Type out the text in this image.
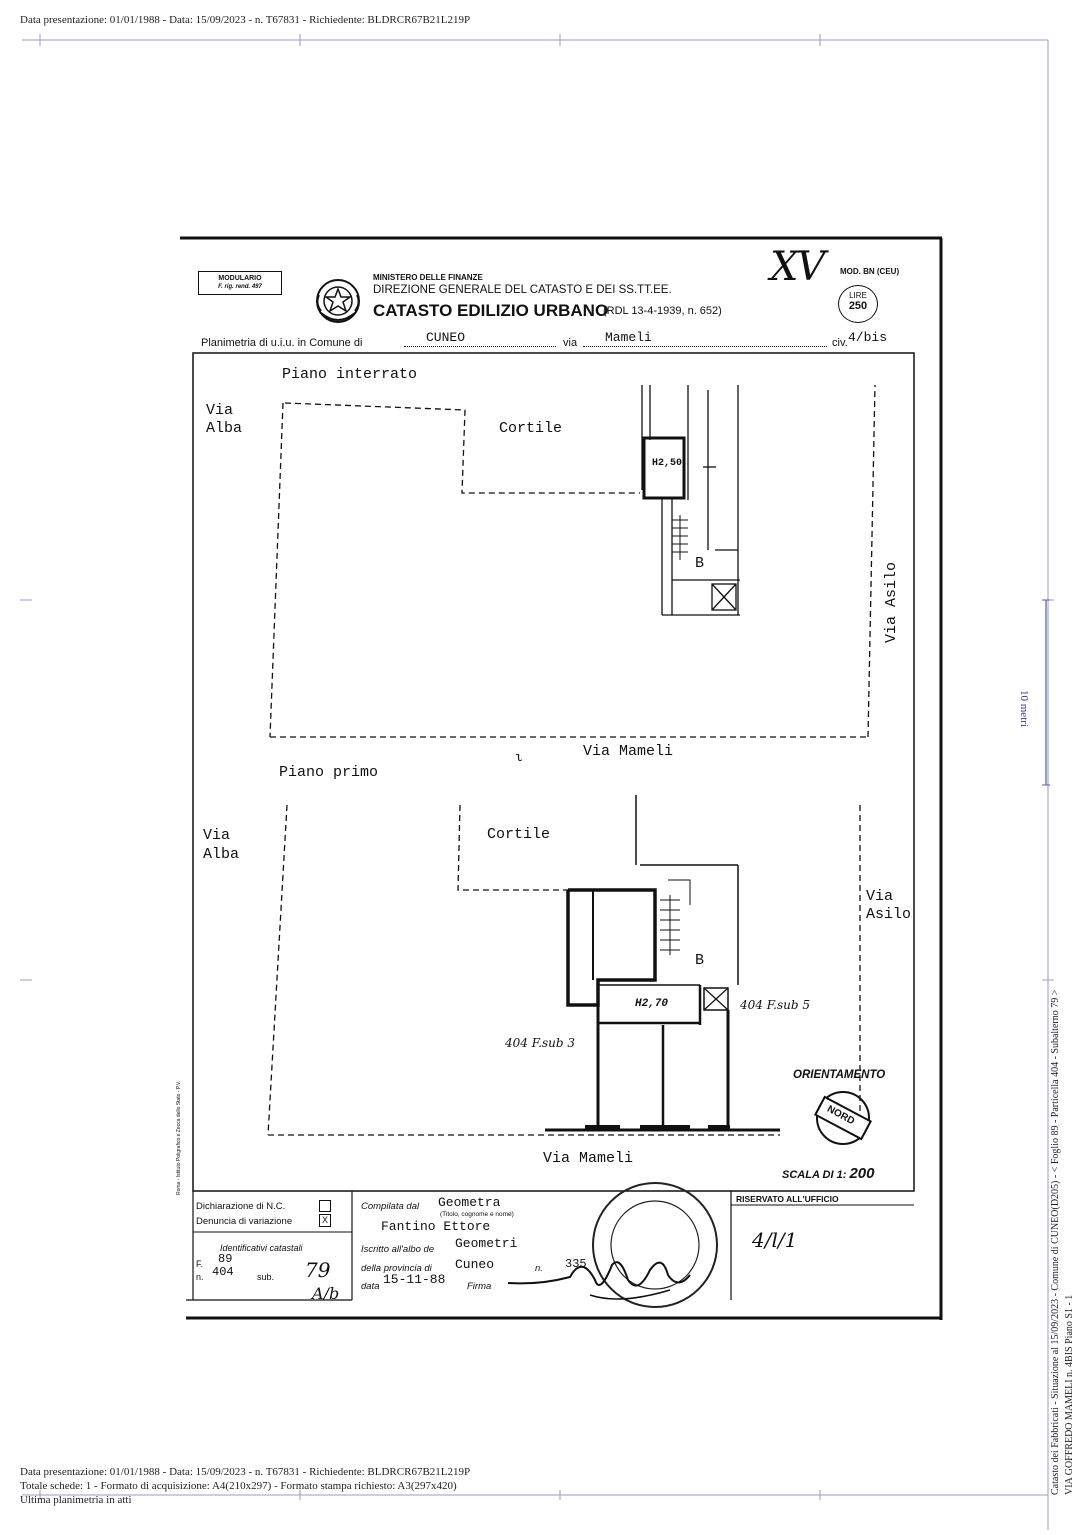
Data presentazione: 01/01/1988 - Data: 15/09/2023 - n. T67831 - Richiedente: BLDRCR67B21L219P
10 metri
MODULARIO
F. rig. rend. 497
MINISTERO DELLE FINANZE
DIREZIONE GENERALE DEL CATASTO E DEI SS.TT.EE.
CATASTO EDILIZIO URBANO
(RDL 13-4-1939, n. 652)
XV MOD. BN (CEU)
LIRE
250
Planimetria di u.i.u. in Comune di	CUNEO	via Mameli	civ. 4/bis
Piano interrato
Via
Alba	Cortile
H2,50
B	Via Asilo
ι	Via Mameli
Piano primo
Via
Alba
Cortile
Via
Asilo
B
H2,70	404 F.sub 5
404 F.sub 3
ORIENTAMENTO
NORD
Via Mameli
SCALA DI 1: 200
Roma - Istituto Poligrafico e Zecca dello Stato - P.V.
Dichiarazione di N.C.
Denuncia di variazione	X
Identificativi catastali
F. 89
n. 404	sub. 79
A/b
Compilata dal Geometra
(Titolo, cognome e nome)
Fantino Ettore
Iscritto all'albo de Geometri
della provincia di Cuneo	n. 335
data 15-11-88 Firma
RISERVATO ALL'UFFICIO
4/l/1
Data presentazione: 01/01/1988 - Data: 15/09/2023 - n. T67831 - Richiedente: BLDRCR67B21L219P
Totale schede: 1 - Formato di acquisizione: A4(210x297) - Formato stampa richiesto: A3(297x420)
Ultima planimetria in atti
Catasto dei Fabbricati - Situazione al 15/09/2023 - Comune di CUNEO(D205) - < Foglio 89 - Particella 404 - Subalterno 79 > VIA GOFFREDO MAMELI n. 4BIS Piano S1 - 1
